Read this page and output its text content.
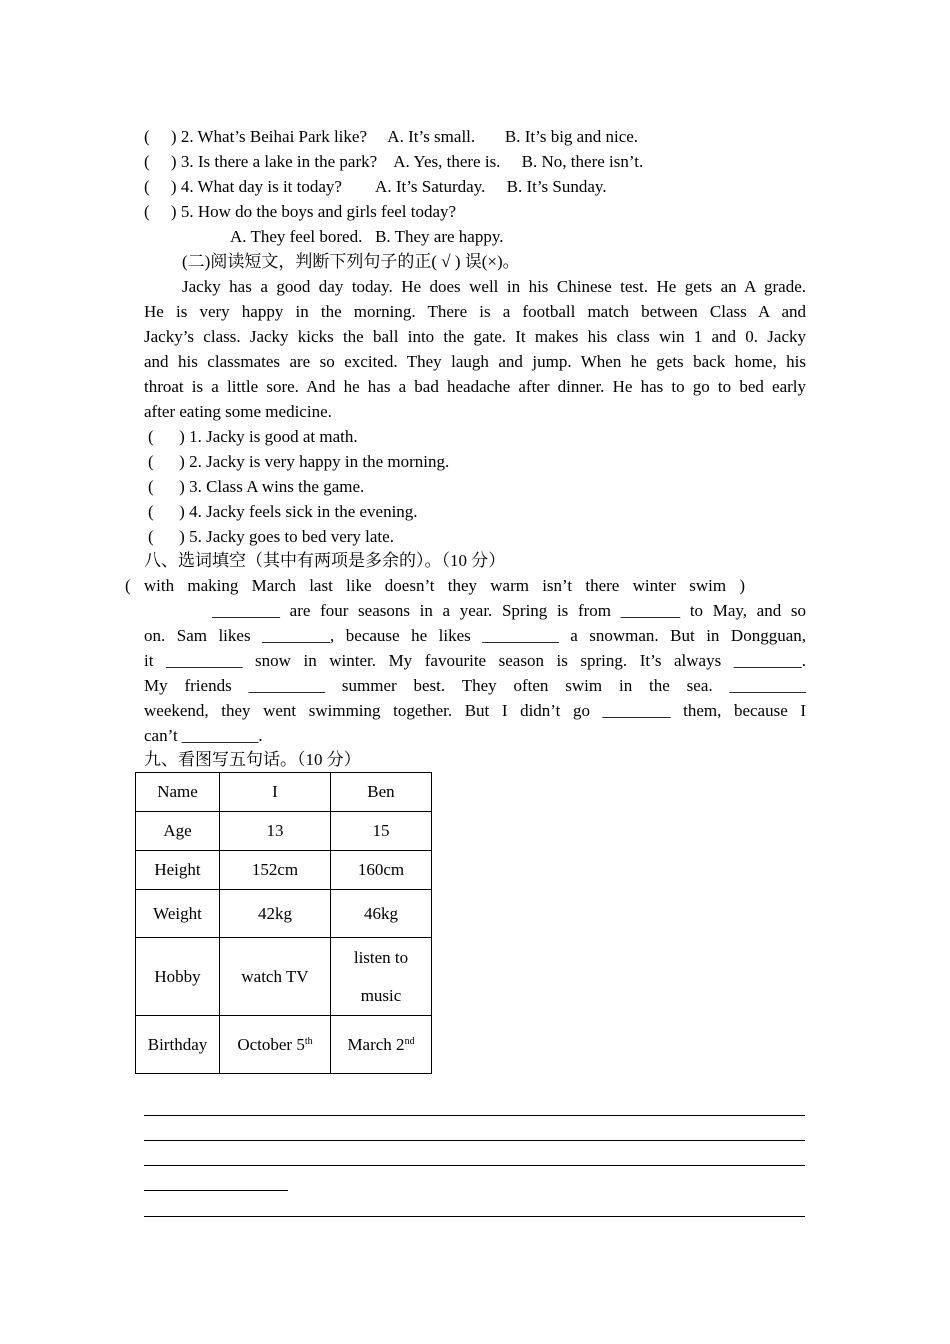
(     ) 2. What’s Beihai Park like?     A. It’s small.       B. It’s big and nice.
(     ) 3. Is there a lake in the park?    A. Yes, there is.     B. No, there isn’t.
(     ) 4. What day is it today?        A. It’s Saturday.     B. It’s Sunday.
(     ) 5. How do the boys and girls feel today?
A. They feel bored.   B. They are happy.
(二)阅读短文，判断下列句子的正( √ ) 误(×)。
Jacky has a good day today. He does well in his Chinese test. He gets an A grade.
He is very happy in the morning. There is a football match between Class A and
Jacky’s class. Jacky kicks the ball into the gate. It makes his class win 1 and 0. Jacky
and his classmates are so excited. They laugh and jump. When he gets back home, his
throat is a little sore. And he has a bad headache after dinner. He has to go to bed early
after eating some medicine.
(      ) 1. Jacky is good at math.
(      ) 2. Jacky is very happy in the morning.
(      ) 3. Class A wins the game.
(      ) 4. Jacky feels sick in the evening.
(      ) 5. Jacky goes to bed very late.
八、选词填空（其中有两项是多余的）。（10 分）
( with making March last like doesn’t they warm isn’t there winter swim )
________ are four seasons in a year. Spring is from _______ to May, and so
on. Sam likes ________, because he likes _________ a snowman. But in Dongguan,
it _________ snow in winter. My favourite season is spring. It’s always ________.
My friends _________ summer best. They often swim in the sea. _________
weekend, they went swimming together. But I didn’t go ________ them, because I
can’t _________.
九、看图写五句话。（10 分）
Name	I	Ben
Age	13	15
Height	152cm	160cm
Weight	42kg	46kg
Hobby	watch TV	listen to
music
Birthday	October 5th	March 2nd
